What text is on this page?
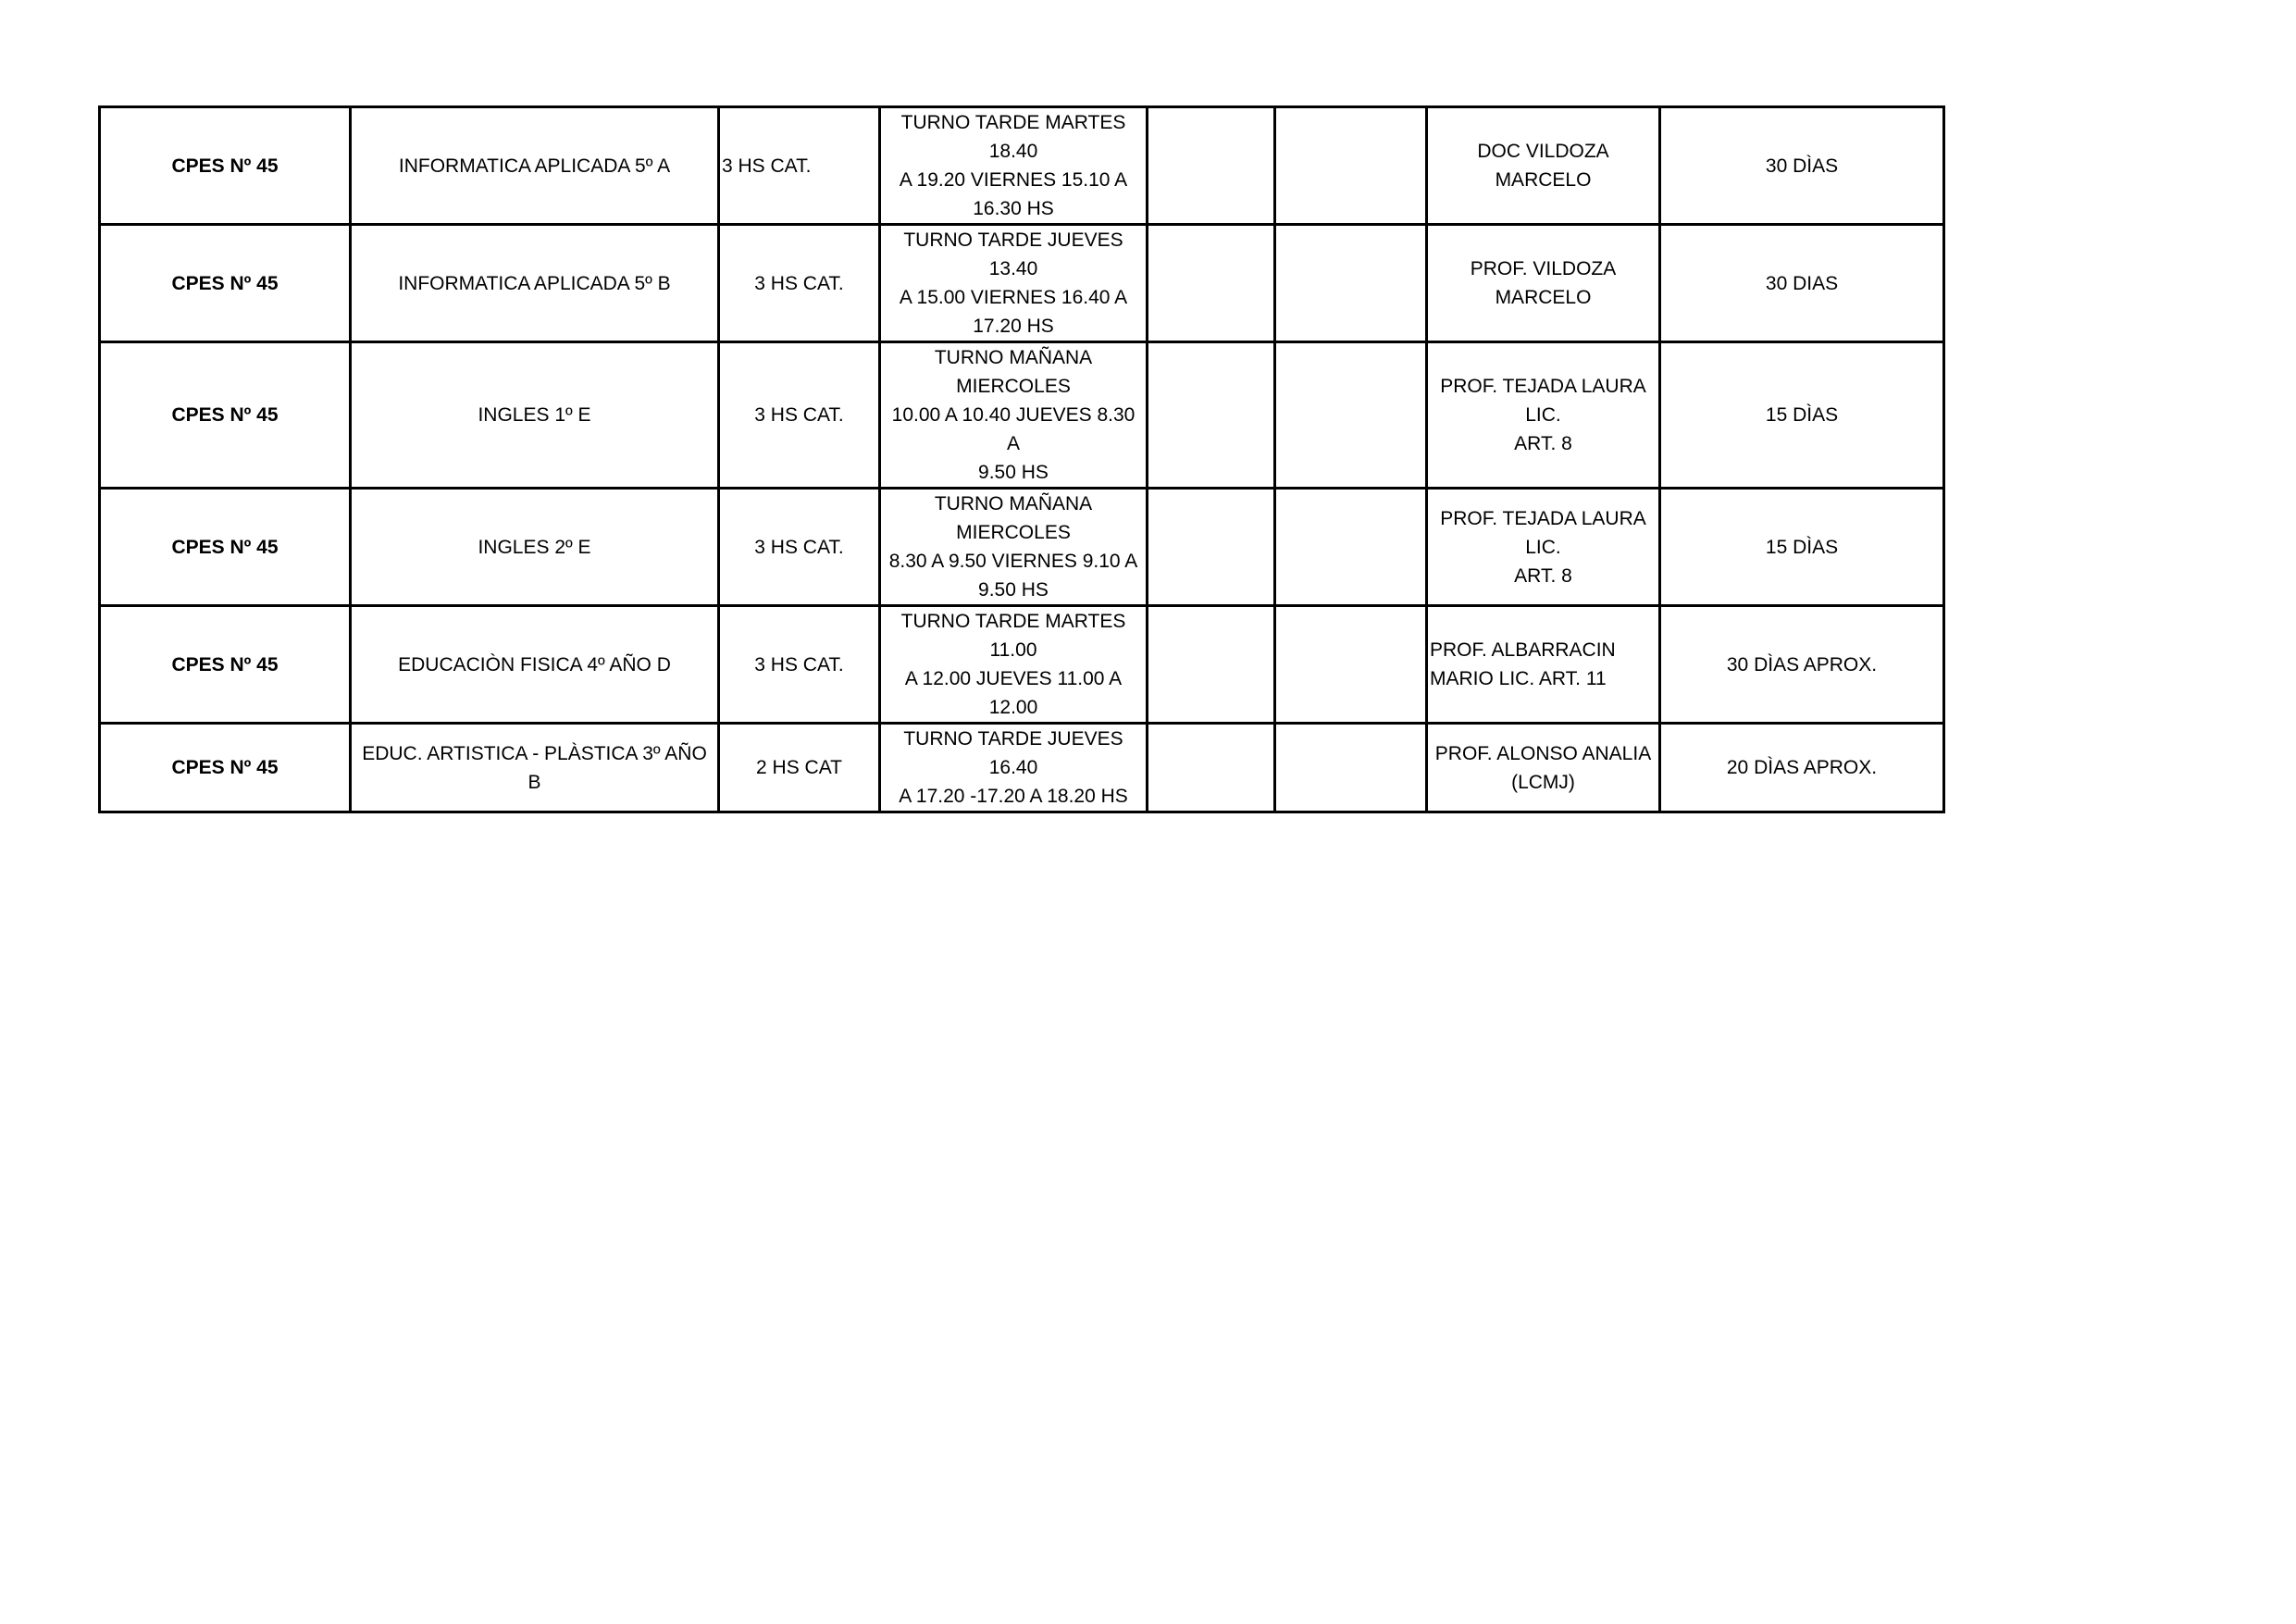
CPES Nº 45	INFORMATICA APLICADA 5º A	3 HS CAT.	TURNO TARDE MARTES 18.40
A 19.20 VIERNES 15.10 A
16.30 HS			DOC VILDOZA MARCELO	30 DÌAS
CPES Nº 45	INFORMATICA APLICADA 5º B	3 HS CAT.	TURNO TARDE JUEVES 13.40
A 15.00 VIERNES 16.40 A
17.20 HS			PROF. VILDOZA
MARCELO	30 DIAS
CPES Nº 45	INGLES 1º E	3 HS CAT.	TURNO MAÑANA MIERCOLES
10.00 A 10.40 JUEVES 8.30 A
9.50 HS			PROF. TEJADA LAURA LIC.
ART. 8	15 DÌAS
CPES Nº 45	INGLES 2º E	3 HS CAT.	TURNO MAÑANA MIERCOLES
8.30 A 9.50 VIERNES 9.10 A
9.50 HS			PROF. TEJADA LAURA LIC.
ART. 8	15 DÌAS
CPES Nº 45	EDUCACIÒN FISICA 4º AÑO D	3 HS CAT.	TURNO TARDE MARTES 11.00
A 12.00 JUEVES 11.00 A
12.00			PROF. ALBARRACIN
MARIO LIC. ART. 11	30 DÌAS APROX.
CPES Nº 45	EDUC. ARTISTICA - PLÀSTICA 3º AÑO B	2 HS CAT	TURNO TARDE JUEVES 16.40
A 17.20 -17.20 A 18.20 HS			PROF. ALONSO ANALIA
(LCMJ)	20 DÌAS APROX.
